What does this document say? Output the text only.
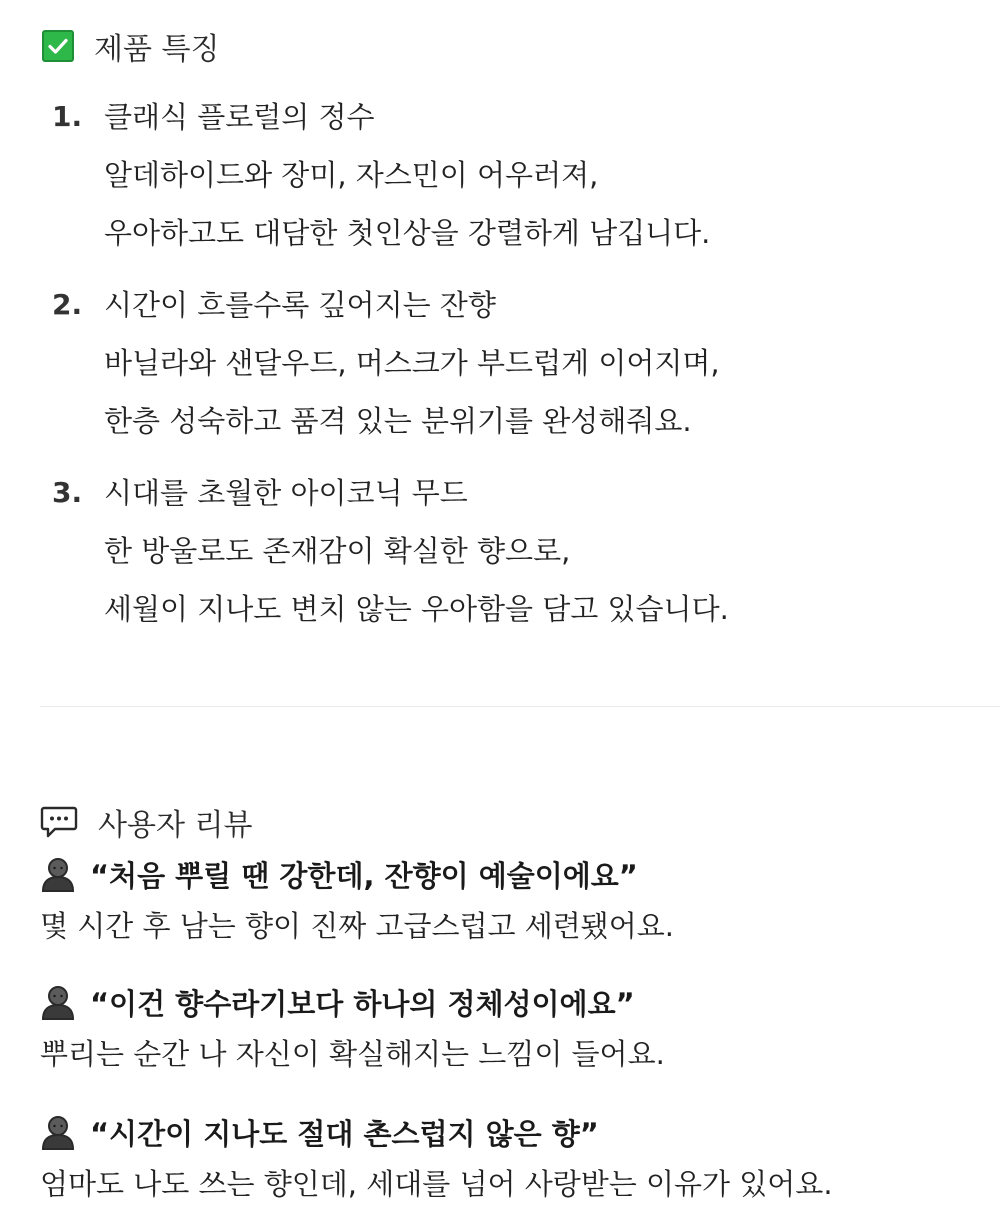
제품 특징
1. 클래식 플로럴의 정수
알데하이드와 장미, 자스민이 어우러져,
우아하고도 대담한 첫인상을 강렬하게 남깁니다.
2. 시간이 흐를수록 깊어지는 잔향
바닐라와 샌달우드, 머스크가 부드럽게 이어지며,
한층 성숙하고 품격 있는 분위기를 완성해줘요.
3. 시대를 초월한 아이코닉 무드
한 방울로도 존재감이 확실한 향으로,
세월이 지나도 변치 않는 우아함을 담고 있습니다.
사용자 리뷰
“처음 뿌릴 땐 강한데, 잔향이 예술이에요”
몇 시간 후 남는 향이 진짜 고급스럽고 세련됐어요.
“이건 향수라기보다 하나의 정체성이에요”
뿌리는 순간 나 자신이 확실해지는 느낌이 들어요.
“시간이 지나도 절대 촌스럽지 않은 향”
엄마도 나도 쓰는 향인데, 세대를 넘어 사랑받는 이유가 있어요.
